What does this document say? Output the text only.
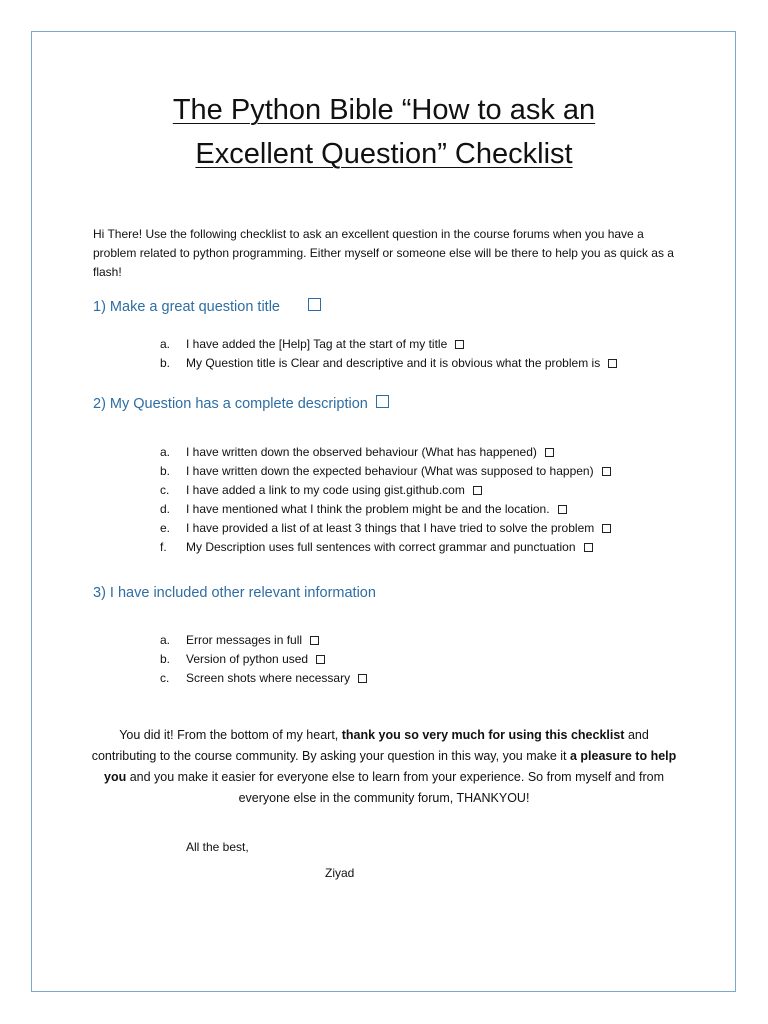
The Python Bible “How to ask an
Excellent Question” Checklist
Hi There! Use the following checklist to ask an excellent question in the course forums when you have a problem related to python programming. Either myself or someone else will be there to help you as quick as a flash!
1) Make a great question title
a. I have added the [Help] Tag at the start of my title
b. My Question title is Clear and descriptive and it is obvious what the problem is
2) My Question has a complete description
a. I have written down the observed behaviour (What has happened)
b. I have written down the expected behaviour (What was supposed to happen)
c. I have added a link to my code using gist.github.com
d. I have mentioned what I think the problem might be and the location.
e. I have provided a list of at least 3 things that I have tried to solve the problem
f. My Description uses full sentences with correct grammar and punctuation
3) I have included other relevant information
a. Error messages in full
b. Version of python used
c. Screen shots where necessary
You did it! From the bottom of my heart, thank you so very much for using this checklist and contributing to the course community. By asking your question in this way, you make it a pleasure to help you and you make it easier for everyone else to learn from your experience. So from myself and from everyone else in the community forum, THANKYOU!
All the best,
Ziyad
